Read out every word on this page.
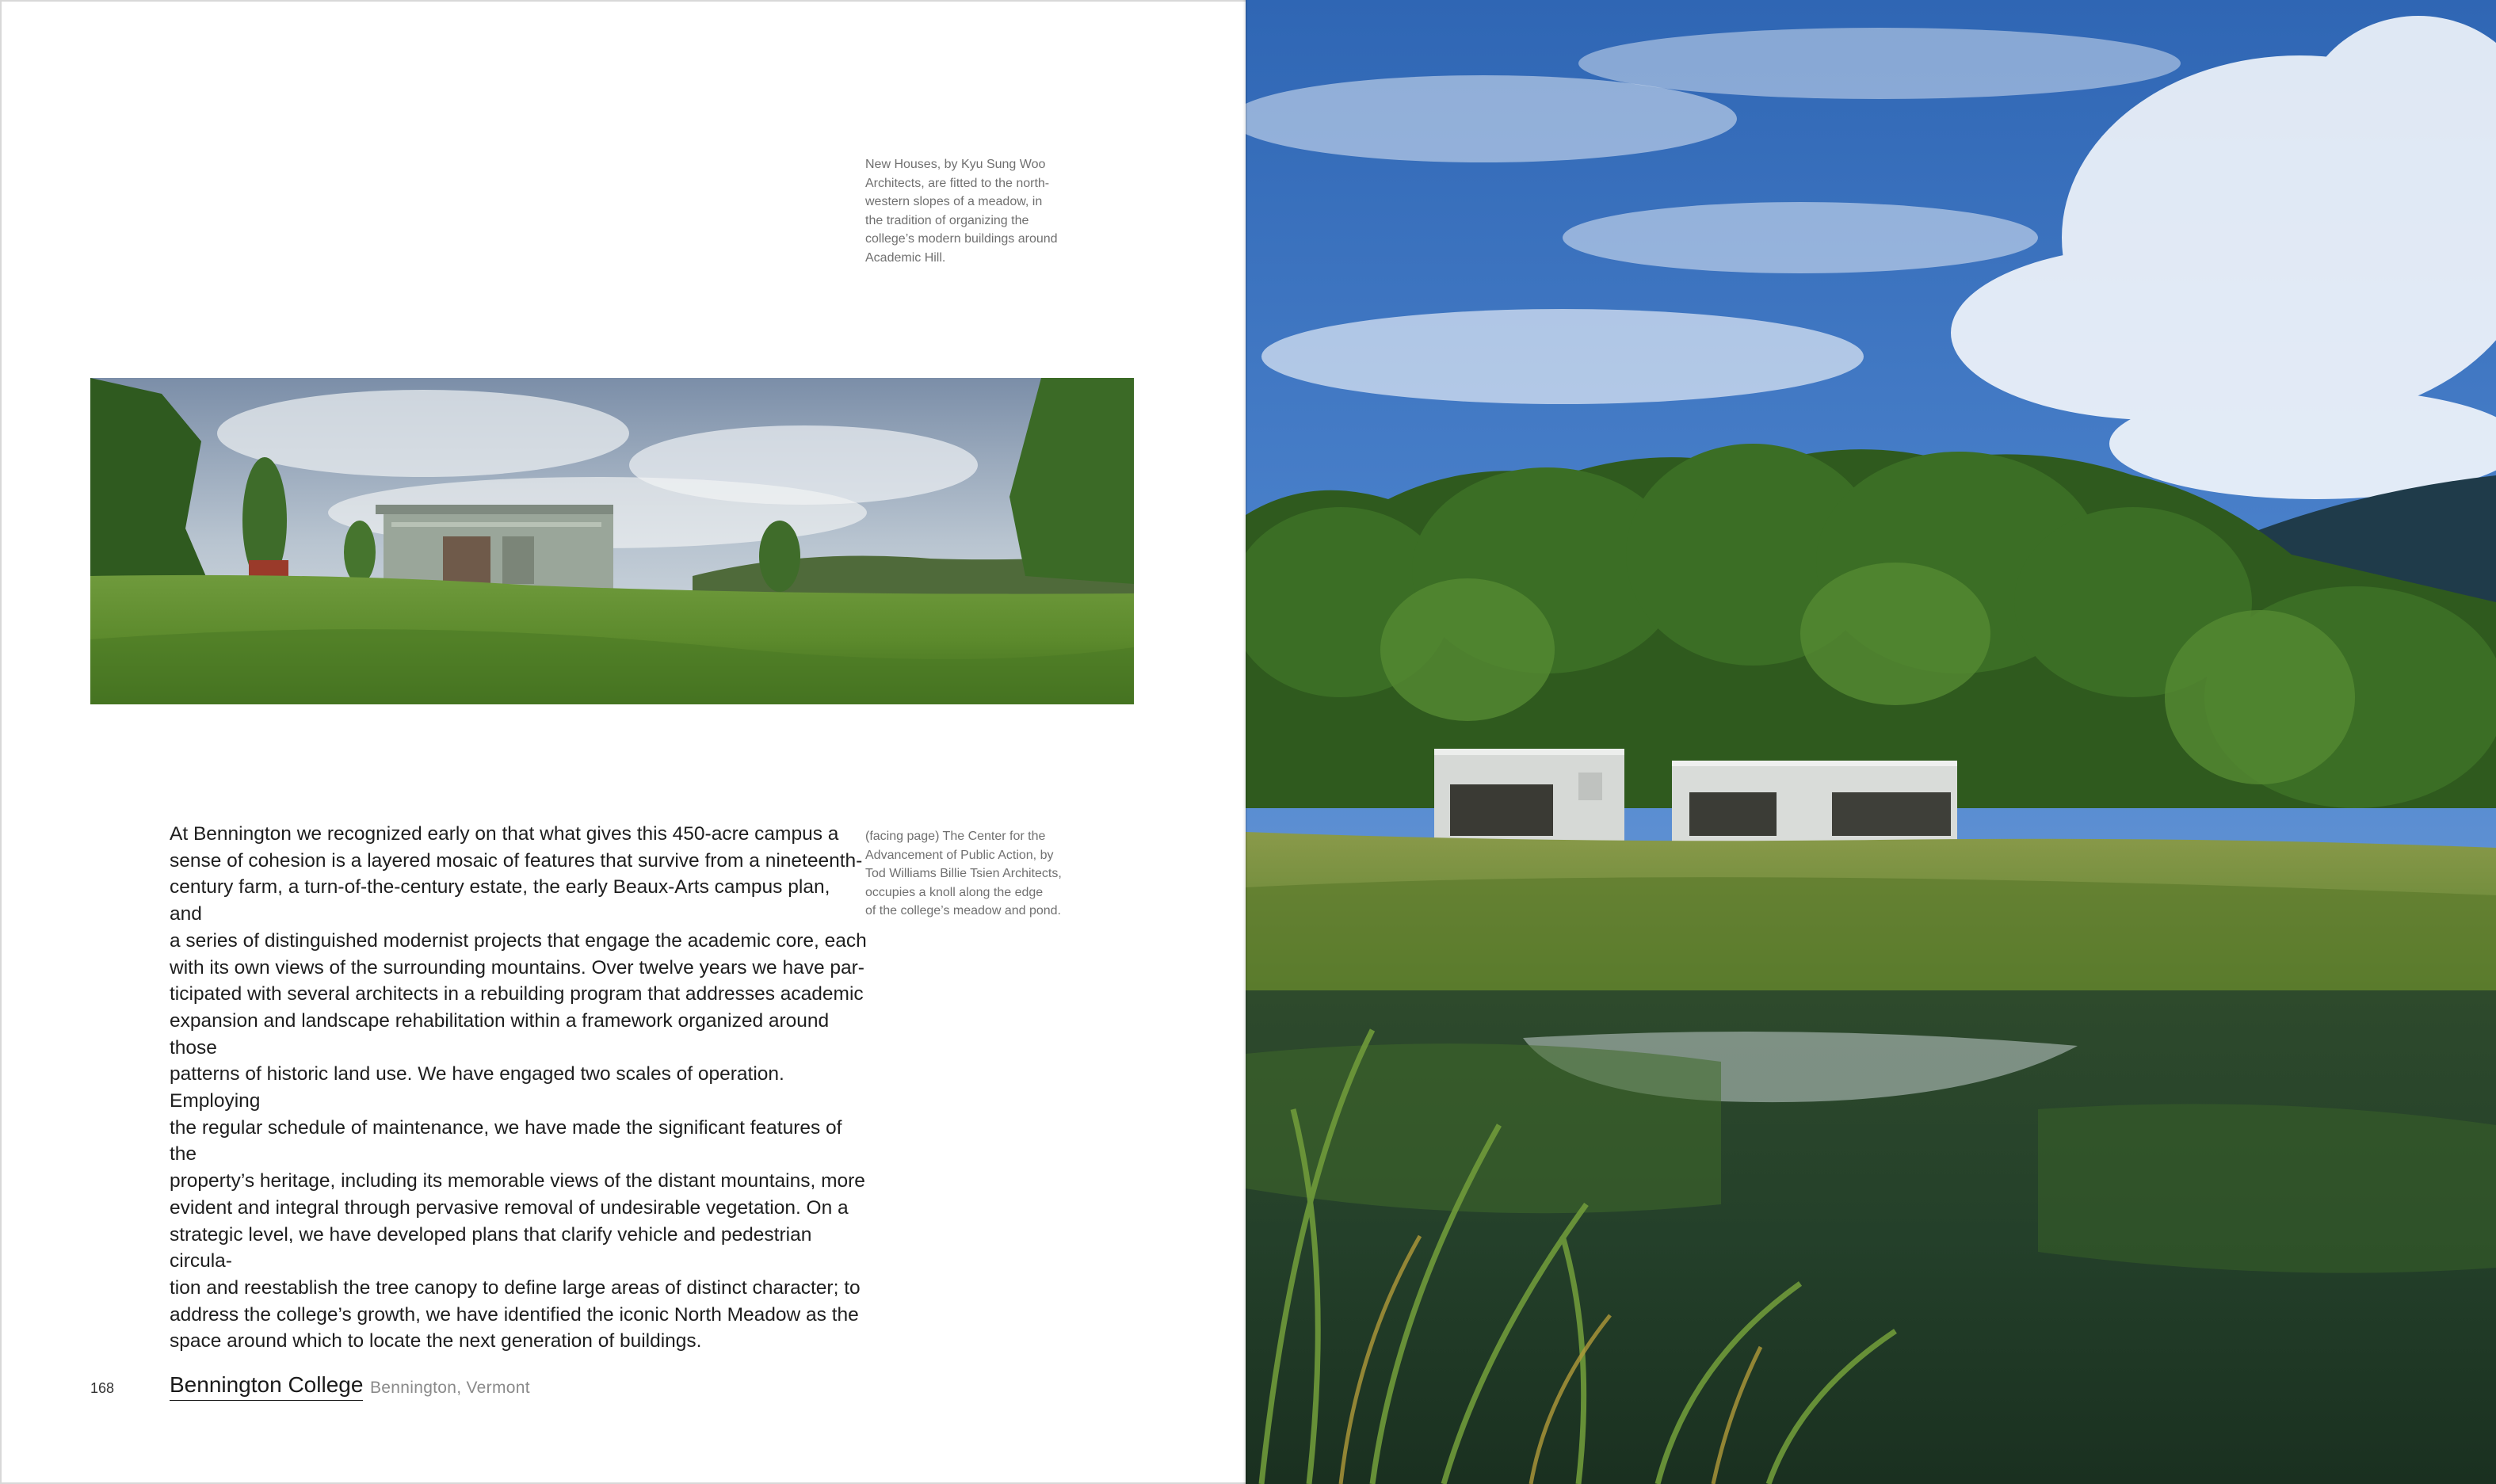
New Houses, by Kyu Sung Woo
Architects, are fitted to the north-
western slopes of a meadow, in
the tradition of organizing the
college’s modern buildings around
Academic Hill.

At Bennington we recognized early on that what gives this 450-acre campus a
sense of cohesion is a layered mosaic of features that survive from a nineteenth-
century farm, a turn-of-the-century estate, the early Beaux-Arts campus plan, and
a series of distinguished modernist projects that engage the academic core, each
with its own views of the surrounding mountains. Over twelve years we have par-
ticipated with several architects in a rebuilding program that addresses academic
expansion and landscape rehabilitation within a framework organized around those
patterns of historic land use. We have engaged two scales of operation. Employing
the regular schedule of maintenance, we have made the significant features of the
property’s heritage, including its memorable views of the distant mountains, more
evident and integral through pervasive removal of undesirable vegetation. On a
strategic level, we have developed plans that clarify vehicle and pedestrian circula-
tion and reestablish the tree canopy to define large areas of distinct character; to
address the college’s growth, we have identified the iconic North Meadow as the
space around which to locate the next generation of buildings.

(facing page) The Center for the
Advancement of Public Action, by
Tod Williams Billie Tsien Architects,
occupies a knoll along the edge
of the college’s meadow and pond.

168 Bennington College Bennington, Vermont
